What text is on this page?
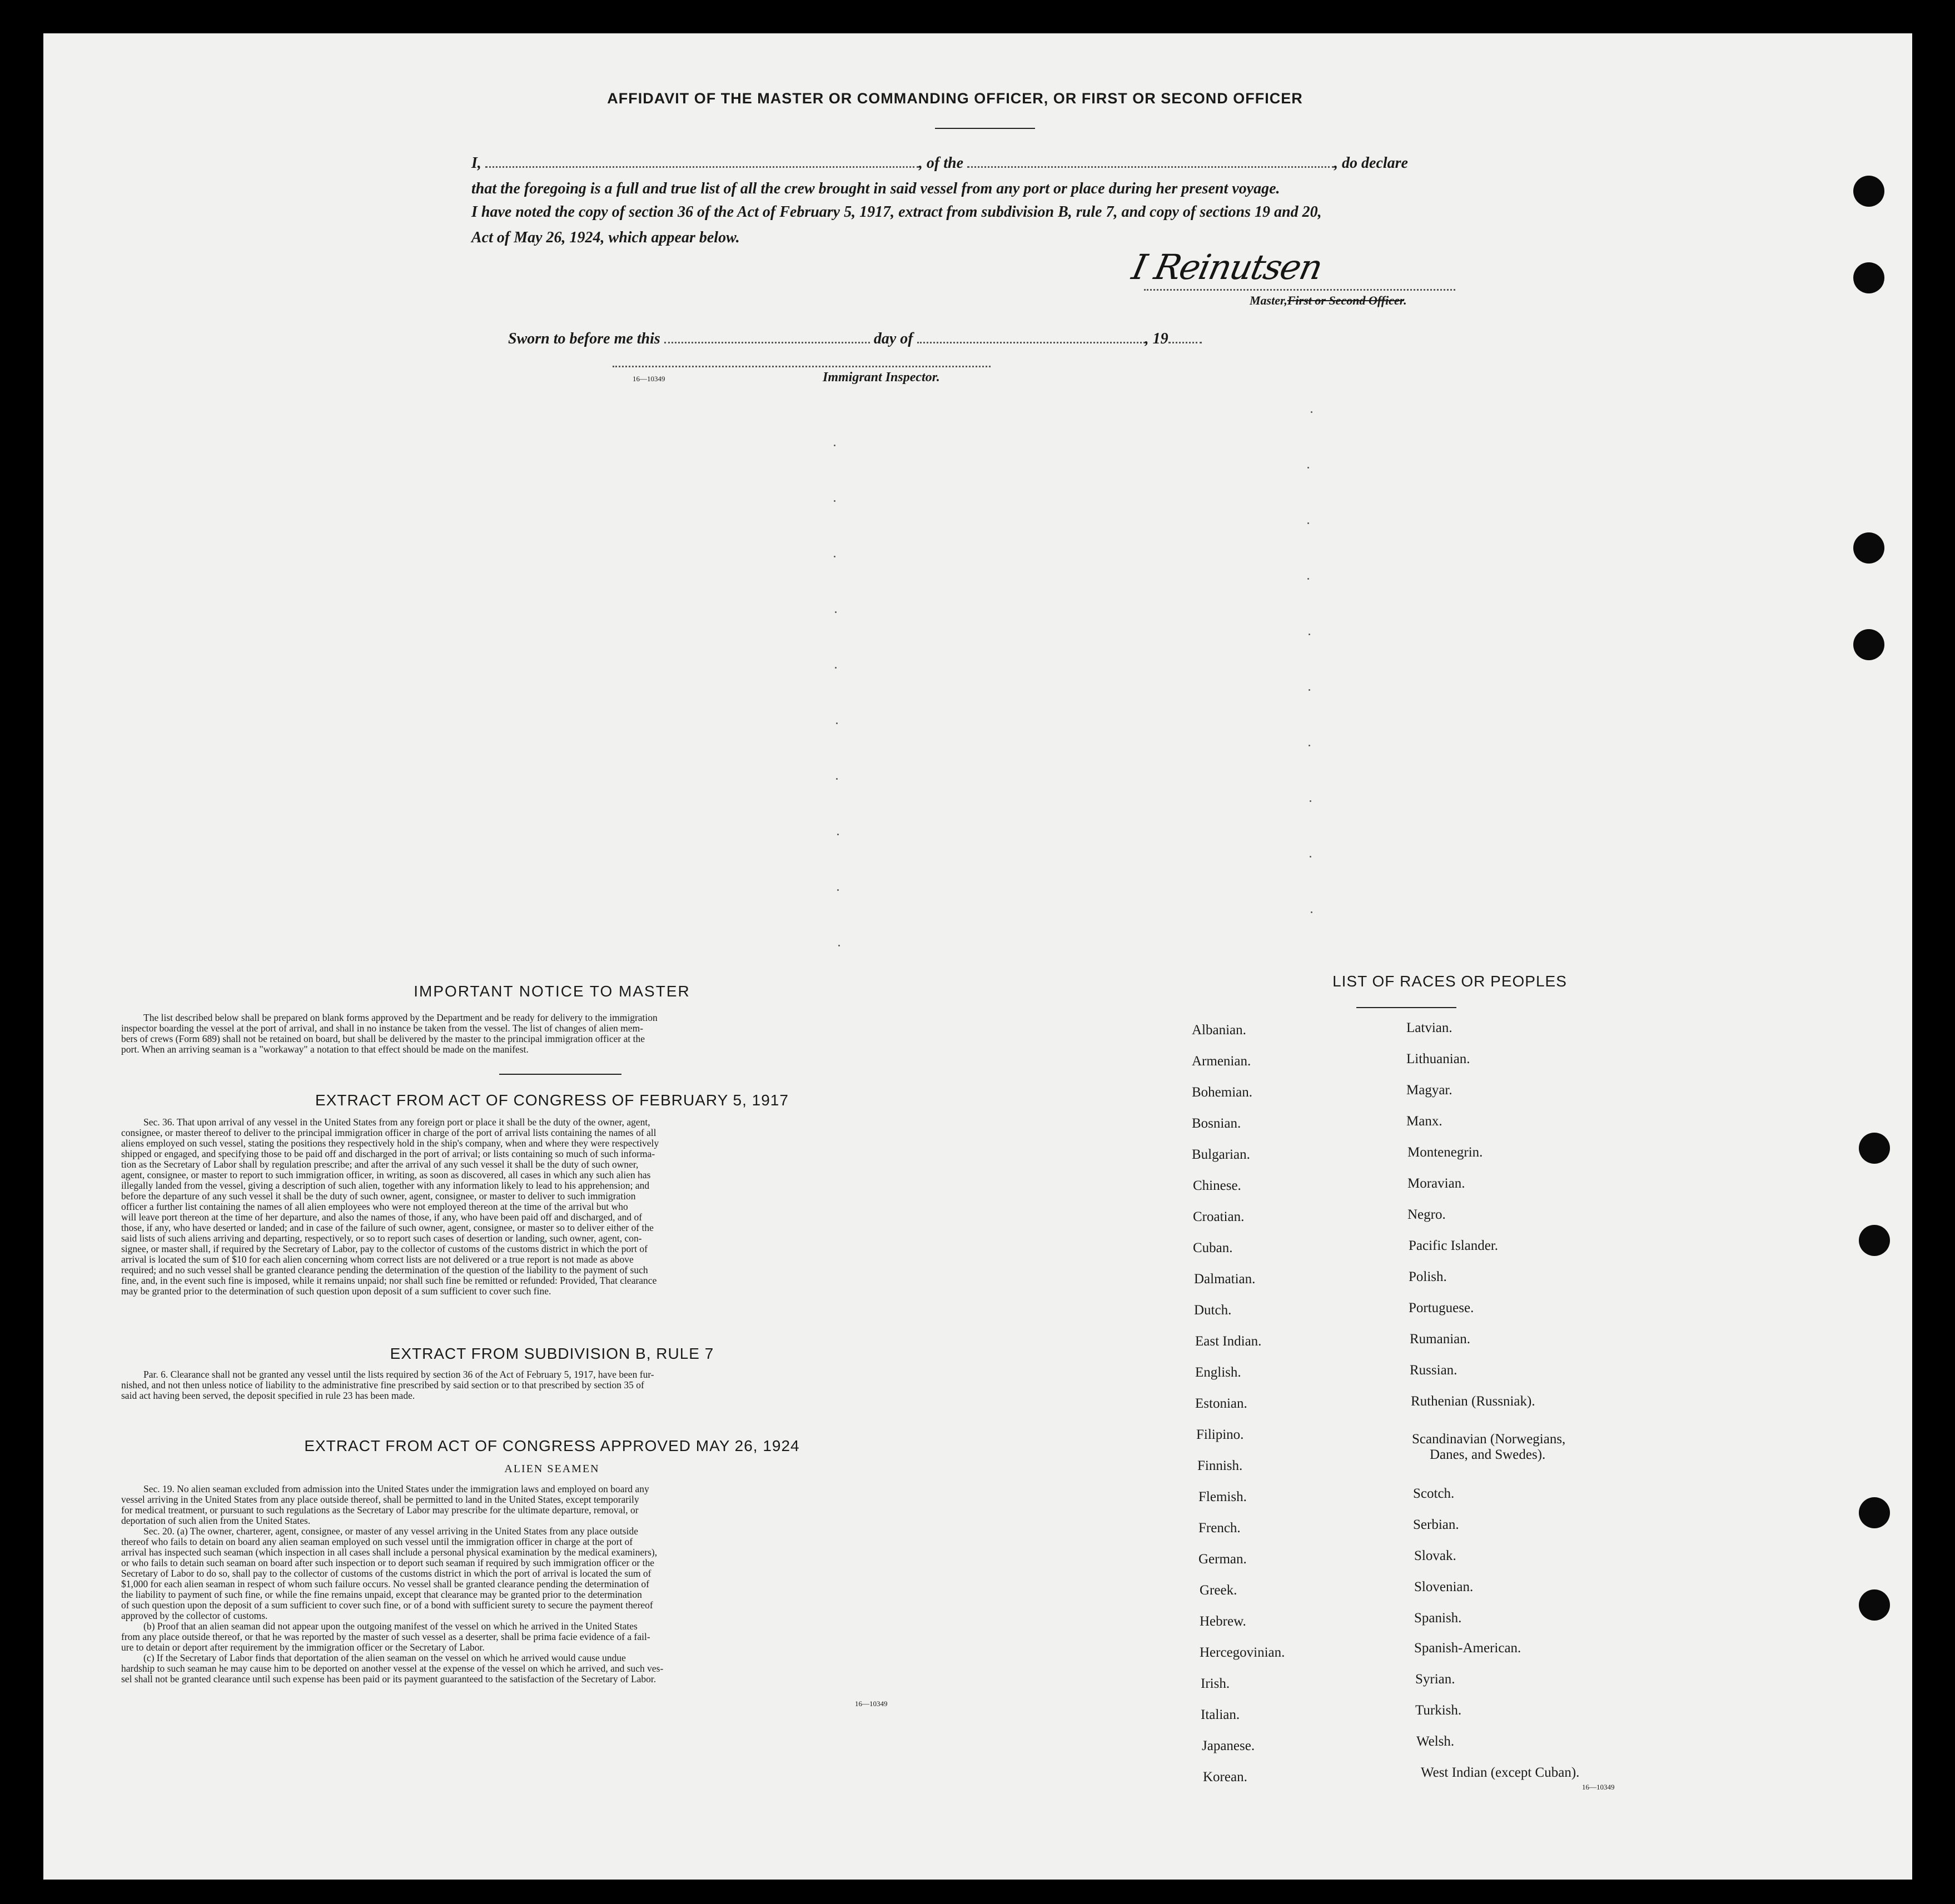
AFFIDAVIT OF THE MASTER OR COMMANDING OFFICER, OR FIRST OR SECOND OFFICER
I,	, of the	, do declare
that the foregoing is a full and true list of all the crew brought in said vessel from any port or place during her present voyage.
I have noted the copy of section 36 of the Act of February 5, 1917, extract from subdivision B, rule 7, and copy of sections 19 and 20,
Act of May 26, 1924, which appear below.
I Reinutsen
Master,First or Second Officer.
Sworn to before me this	day of	, 19
16—10349	Immigrant Inspector.
IMPORTANT NOTICE TO MASTER
The list described below shall be prepared on blank forms approved by the Department and be ready for delivery to the immigration
inspector boarding the vessel at the port of arrival, and shall in no instance be taken from the vessel. The list of changes of alien mem-
bers of crews (Form 689) shall not be retained on board, but shall be delivered by the master to the principal immigration officer at the
port. When an arriving seaman is a "workaway" a notation to that effect should be made on the manifest.
EXTRACT FROM ACT OF CONGRESS OF FEBRUARY 5, 1917
Sec. 36. That upon arrival of any vessel in the United States from any foreign port or place it shall be the duty of the owner, agent,
consignee, or master thereof to deliver to the principal immigration officer in charge of the port of arrival lists containing the names of all
aliens employed on such vessel, stating the positions they respectively hold in the ship's company, when and where they were respectively
shipped or engaged, and specifying those to be paid off and discharged in the port of arrival; or lists containing so much of such informa-
tion as the Secretary of Labor shall by regulation prescribe; and after the arrival of any such vessel it shall be the duty of such owner,
agent, consignee, or master to report to such immigration officer, in writing, as soon as discovered, all cases in which any such alien has
illegally landed from the vessel, giving a description of such alien, together with any information likely to lead to his apprehension; and
before the departure of any such vessel it shall be the duty of such owner, agent, consignee, or master to deliver to such immigration
officer a further list containing the names of all alien employees who were not employed thereon at the time of the arrival but who
will leave port thereon at the time of her departure, and also the names of those, if any, who have been paid off and discharged, and of
those, if any, who have deserted or landed; and in case of the failure of such owner, agent, consignee, or master so to deliver either of the
said lists of such aliens arriving and departing, respectively, or so to report such cases of desertion or landing, such owner, agent, con-
signee, or master shall, if required by the Secretary of Labor, pay to the collector of customs of the customs district in which the port of
arrival is located the sum of $10 for each alien concerning whom correct lists are not delivered or a true report is not made as above
required; and no such vessel shall be granted clearance pending the determination of the question of the liability to the payment of such
fine, and, in the event such fine is imposed, while it remains unpaid; nor shall such fine be remitted or refunded: Provided, That clearance
may be granted prior to the determination of such question upon deposit of a sum sufficient to cover such fine.
EXTRACT FROM SUBDIVISION B, RULE 7
Par. 6. Clearance shall not be granted any vessel until the lists required by section 36 of the Act of February 5, 1917, have been fur-
nished, and not then unless notice of liability to the administrative fine prescribed by said section or to that prescribed by section 35 of
said act having been served, the deposit specified in rule 23 has been made.
EXTRACT FROM ACT OF CONGRESS APPROVED MAY 26, 1924
ALIEN SEAMEN
Sec. 19. No alien seaman excluded from admission into the United States under the immigration laws and employed on board any
vessel arriving in the United States from any place outside thereof, shall be permitted to land in the United States, except temporarily
for medical treatment, or pursuant to such regulations as the Secretary of Labor may prescribe for the ultimate departure, removal, or
deportation of such alien from the United States.
Sec. 20. (a) The owner, charterer, agent, consignee, or master of any vessel arriving in the United States from any place outside
thereof who fails to detain on board any alien seaman employed on such vessel until the immigration officer in charge at the port of
arrival has inspected such seaman (which inspection in all cases shall include a personal physical examination by the medical examiners),
or who fails to detain such seaman on board after such inspection or to deport such seaman if required by such immigration officer or the
Secretary of Labor to do so, shall pay to the collector of customs of the customs district in which the port of arrival is located the sum of
$1,000 for each alien seaman in respect of whom such failure occurs. No vessel shall be granted clearance pending the determination of
the liability to payment of such fine, or while the fine remains unpaid, except that clearance may be granted prior to the determination
of such question upon the deposit of a sum sufficient to cover such fine, or of a bond with sufficient surety to secure the payment thereof
approved by the collector of customs.
(b) Proof that an alien seaman did not appear upon the outgoing manifest of the vessel on which he arrived in the United States
from any place outside thereof, or that he was reported by the master of such vessel as a deserter, shall be prima facie evidence of a fail-
ure to detain or deport after requirement by the immigration officer or the Secretary of Labor.
(c) If the Secretary of Labor finds that deportation of the alien seaman on the vessel on which he arrived would cause undue
hardship to such seaman he may cause him to be deported on another vessel at the expense of the vessel on which he arrived, and such ves-
sel shall not be granted clearance until such expense has been paid or its payment guaranteed to the satisfaction of the Secretary of Labor.
16—10349
LIST OF RACES OR PEOPLES
Albanian.
Armenian.
Bohemian.
Bosnian.
Bulgarian.
Chinese.
Croatian.
Cuban.
Dalmatian.
Dutch.
East Indian.
English.
Estonian.
Filipino.
Finnish.
Flemish.
French.
German.
Greek.
Hebrew.
Hercegovinian.
Irish.
Italian.
Japanese.
Korean.
Latvian.
Lithuanian.
Magyar.
Manx.
Montenegrin.
Moravian.
Negro.
Pacific Islander.
Polish.
Portuguese.
Rumanian.
Russian.
Ruthenian (Russniak).
Scandinavian (Norwegians,
Danes, and Swedes).
Scotch.
Serbian.
Slovak.
Slovenian.
Spanish.
Spanish-American.
Syrian.
Turkish.
Welsh.
West Indian (except Cuban).
16—10349
